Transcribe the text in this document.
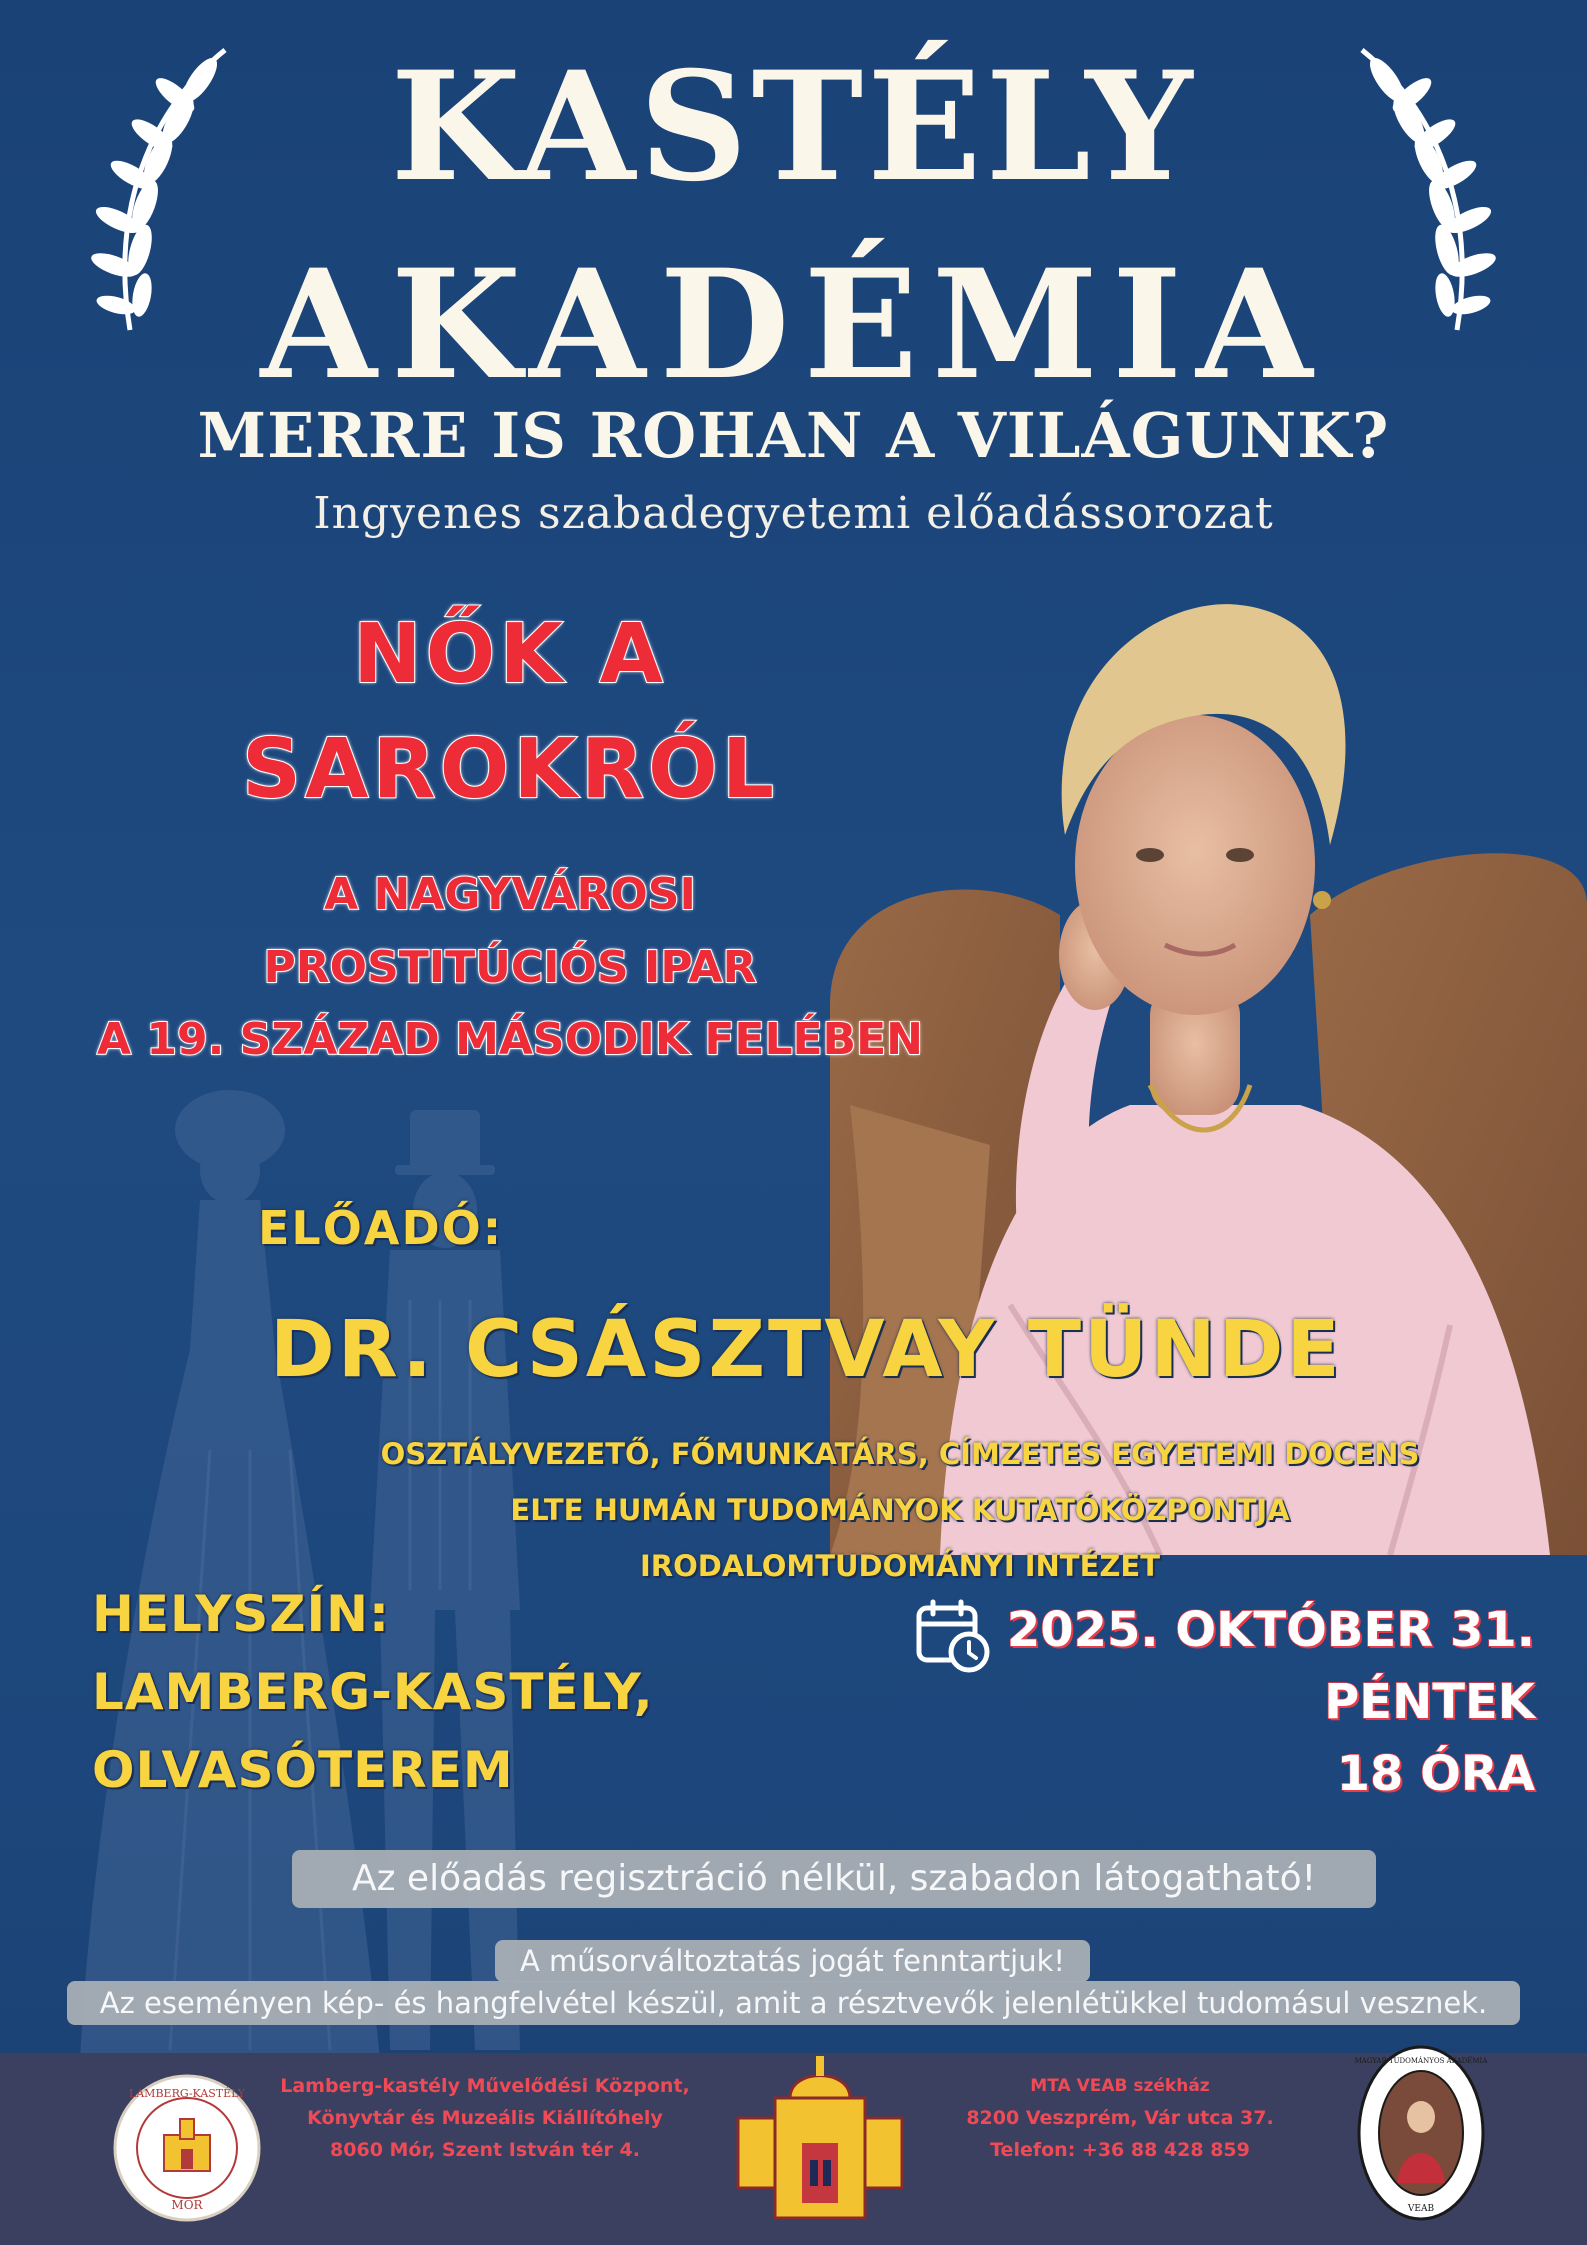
KASTÉLY
AKADÉMIA
MERRE IS ROHAN A VILÁGUNK?
Ingyenes szabadegyetemi előadássorozat
NŐK A
SAROKRÓL
A NAGYVÁROSI
PROSTITÚCIÓS IPAR
A 19. SZÁZAD MÁSODIK FELÉBEN
ELŐADÓ:
DR. CSÁSZTVAY TÜNDE
OSZTÁLYVEZETŐ, FŐMUNKATÁRS, CÍMZETES EGYETEMI DOCENS
ELTE HUMÁN TUDOMÁNYOK KUTATÓKÖZPONTJA
IRODALOMTUDOMÁNYI INTÉZET
HELYSZÍN:
LAMBERG-KASTÉLY,
OLVASÓTEREM
2025. OKTÓBER 31.
PÉNTEK
18 ÓRA
Az előadás regisztráció nélkül, szabadon látogatható!
A műsorváltoztatás jogát fenntartjuk!
Az eseményen kép- és hangfelvétel készül, amit a résztvevők jelenlétükkel tudomásul vesznek.
LAMBERG-KASTÉLY
MÓR
Lamberg-kastély Művelődési Központ,
Könyvtár és Muzeális Kiállítóhely
8060 Mór, Szent István tér 4.
MTA VEAB székház
8200 Veszprém, Vár utca 37.
Telefon: +36 88 428 859
MAGYAR TUDOMÁNYOS AKADÉMIA
VEAB
